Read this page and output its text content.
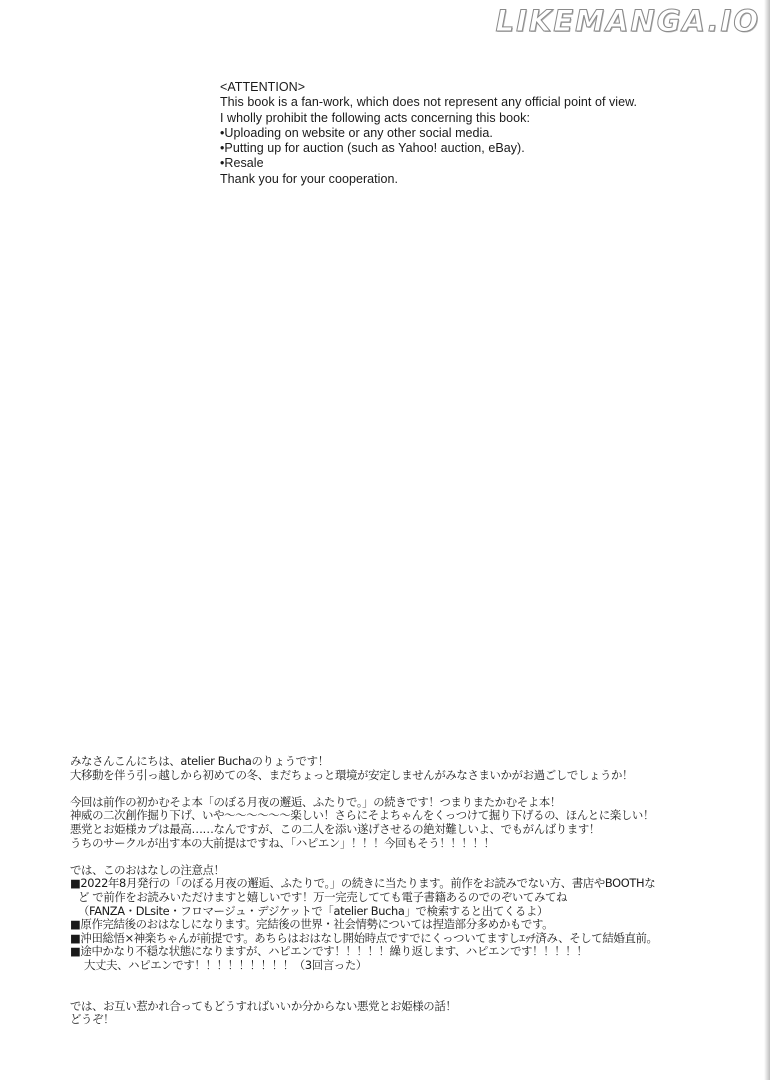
LIKEMANGA.IO
<ATTENTION>
This book is a fan-work, which does not represent any official point of view.
I wholly prohibit the following acts concerning this book:
•Uploading on website or any other social media.
•Putting up for auction (such as Yahoo! auction, eBay).
•Resale
Thank you for your cooperation.
みなさんこんにちは、atelier Buchaのりょうです！
大移動を伴う引っ越しから初めての冬、まだちょっと環境が安定しませんがみなさまいかがお過ごしでしょうか！
今回は前作の初かむそよ本「のぼる月夜の邂逅、ふたりで。」の続きです！つまりまたかむそよ本！
神威の二次創作掘り下げ、いや〜〜〜〜〜〜楽しい！さらにそよちゃんをくっつけて掘り下げるの、ほんとに楽しい！
悪党とお姫様カプは最高……なんですが、この二人を添い遂げさせるの絶対難しいよ、でもがんばります！
うちのサークルが出す本の大前提はですね、「ハピエン」！！！今回もそう！！！！！
では、このおはなしの注意点！
■2022年8月発行の「のぼる月夜の邂逅、ふたりで。」の続きに当たります。前作をお読みでない方、書店やBOOTHな
ど で前作をお読みいただけますと嬉しいです！万一完売してても電子書籍あるのでのぞいてみてね
（FANZA・DLsite・フロマージュ・デジケットで「atelier Bucha」で検索すると出てくるよ）
■原作完結後のおはなしになります。完結後の世界・社会情勢については捏造部分多めかもです。
■沖田総悟×神楽ちゃんが前提です。あちらはおはなし開始時点ですでにくっついてますしｴｯﾁ済み、そして結婚直前。
■途中かなり不穏な状態になりますが、ハピエンです！！！！！繰り返します、ハピエンです！！！！！
大丈夫、ハピエンです！！！！！！！！！（3回言った）
では、お互い惹かれ合ってもどうすればいいか分からない悪党とお姫様の話！
どうぞ！
